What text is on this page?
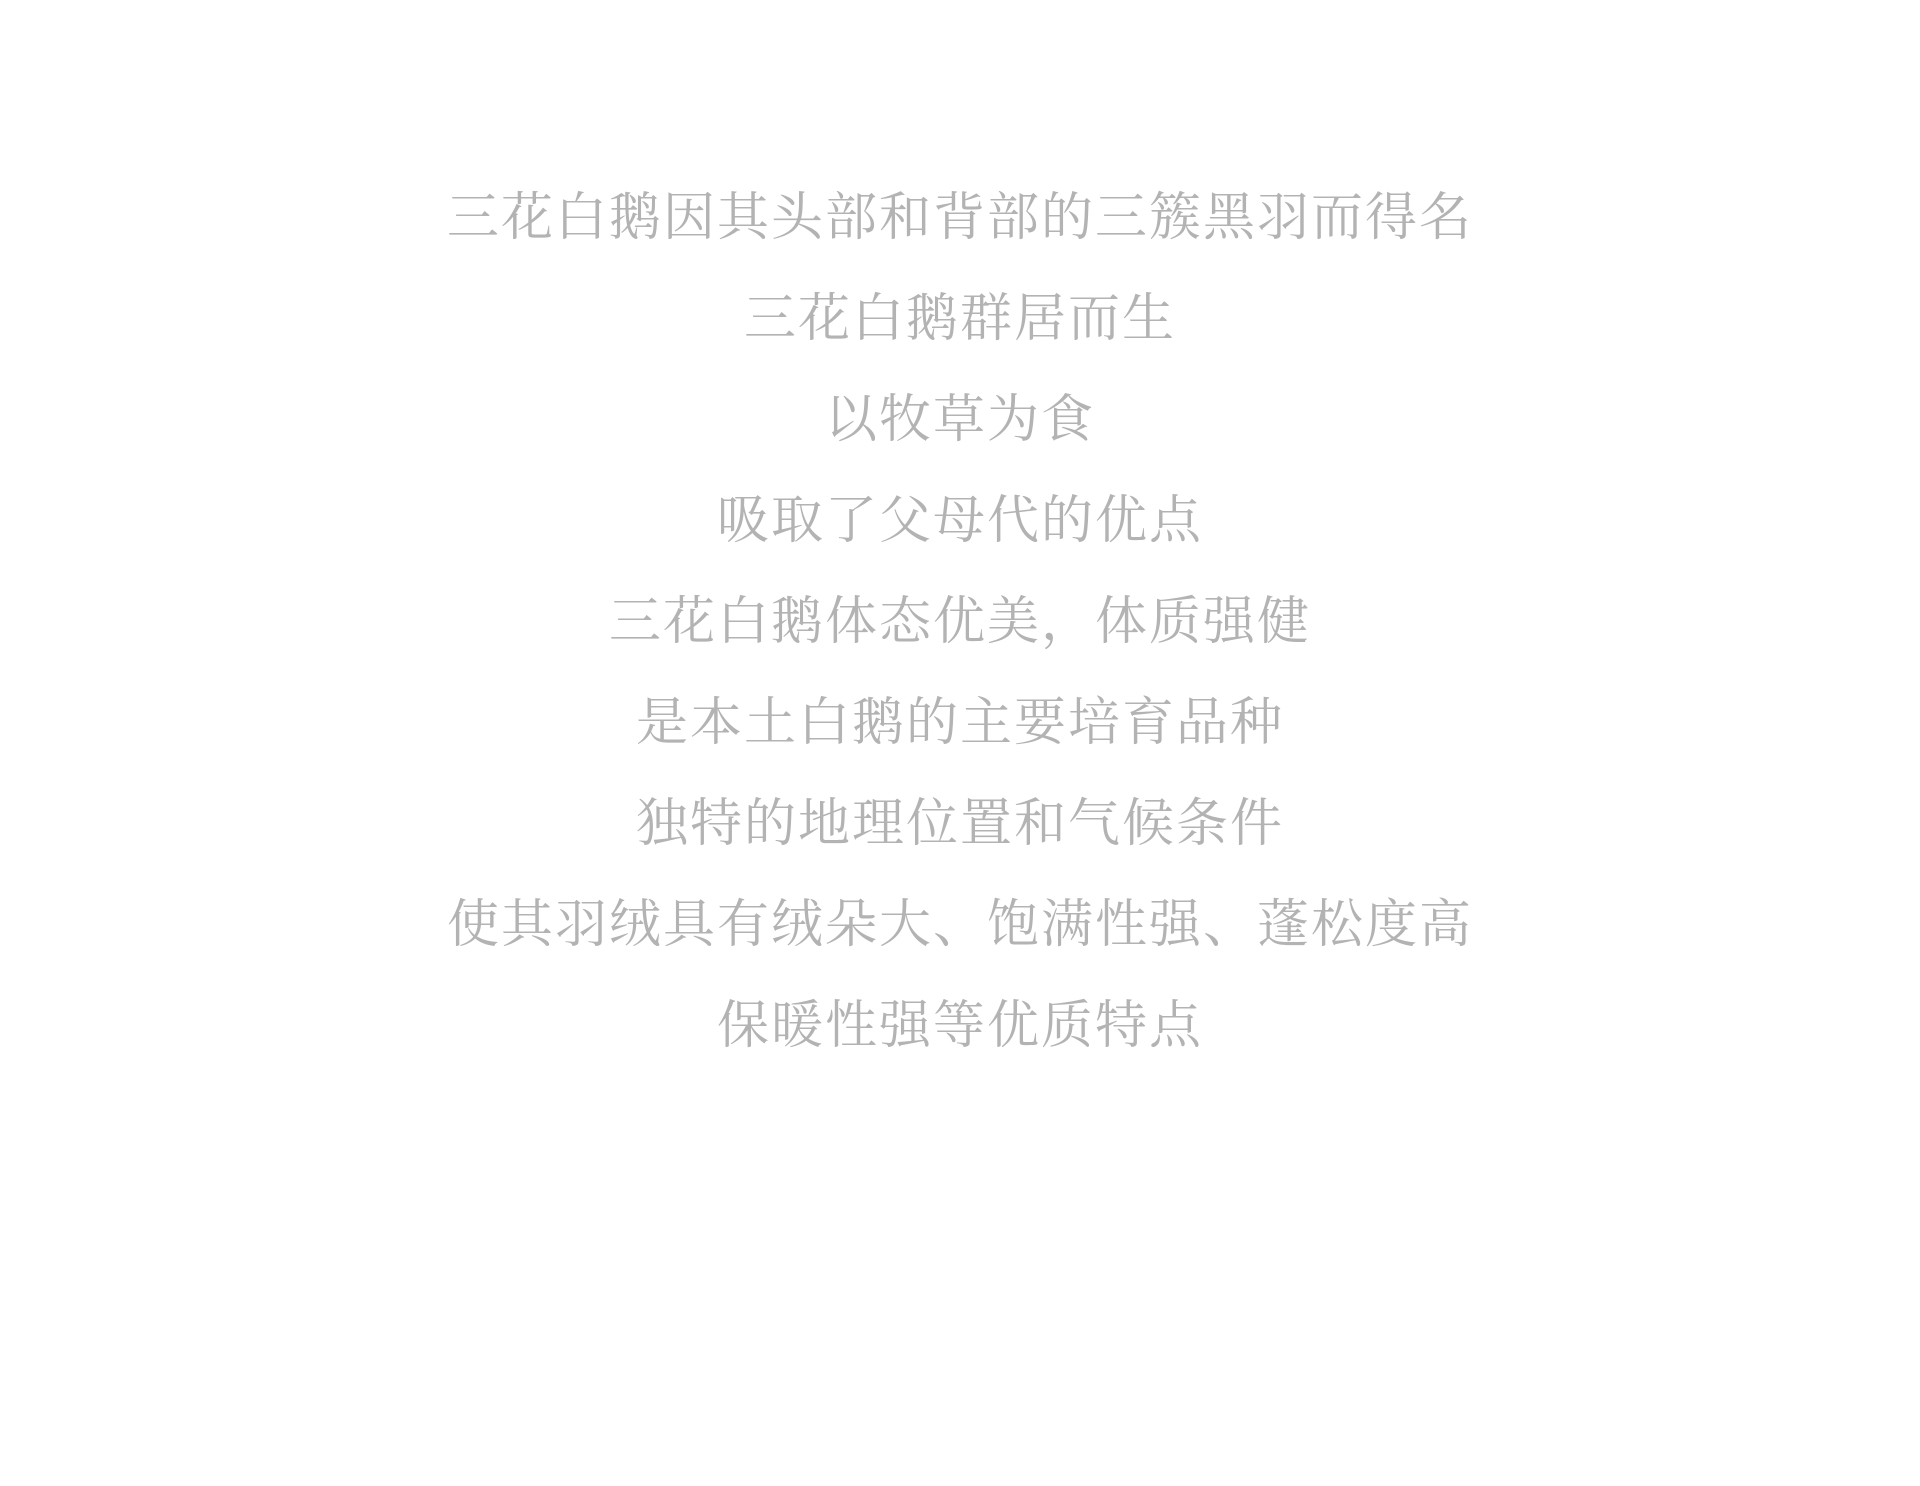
三花白鹅因其头部和背部的三簇黑羽而得名
三花白鹅群居而生
以牧草为食
吸取了父母代的优点
三花白鹅体态优美，体质强健
是本土白鹅的主要培育品种
独特的地理位置和气候条件
使其羽绒具有绒朵大、饱满性强、蓬松度高
保暖性强等优质特点
